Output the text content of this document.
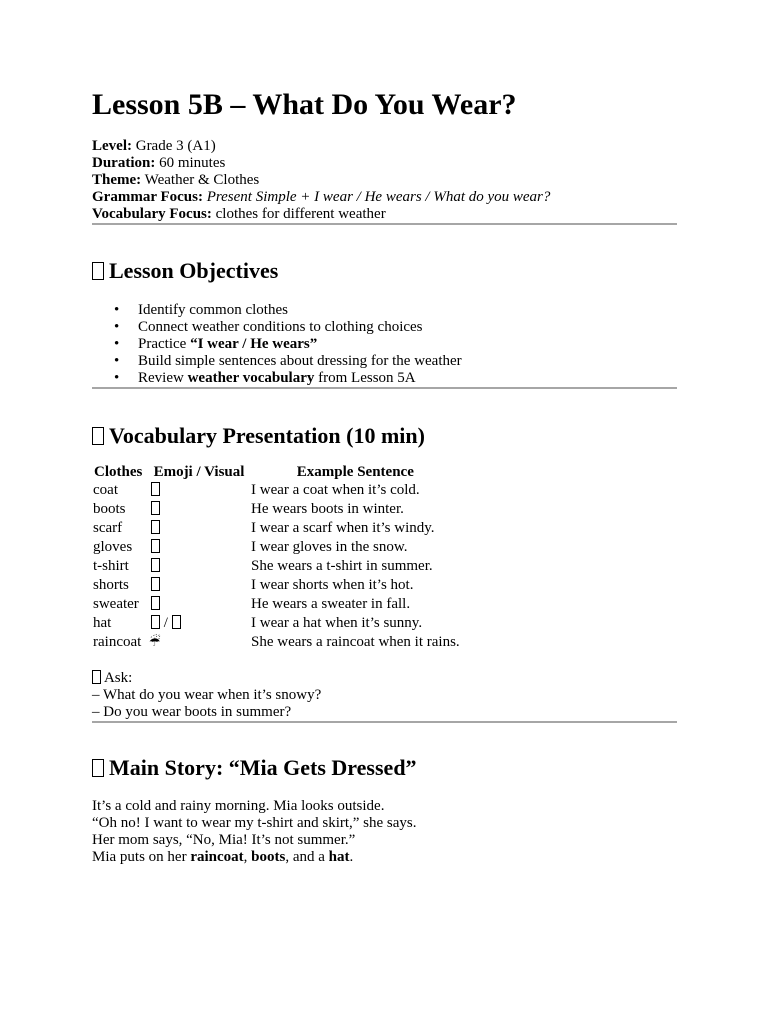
Lesson 5B – What Do You Wear?
Level: Grade 3 (A1)
Duration: 60 minutes
Theme: Weather & Clothes
Grammar Focus: Present Simple + I wear / He wears / What do you wear?
Vocabulary Focus: clothes for different weather
Lesson Objectives
• Identify common clothes
• Connect weather conditions to clothing choices
• Practice “I wear / He wears”
• Build simple sentences about dressing for the weather
• Review weather vocabulary from Lesson 5A
Vocabulary Presentation (10 min)
Clothes	Emoji / Visual	Example Sentence
coat		I wear a coat when it’s cold.
boots		He wears boots in winter.
scarf		I wear a scarf when it’s windy.
gloves		I wear gloves in the snow.
t-shirt		She wears a t-shirt in summer.
shorts		I wear shorts when it’s hot.
sweater		He wears a sweater in fall.
hat	/	I wear a hat when it’s sunny.
raincoat	☔	She wears a raincoat when it rains.
Ask:
– What do you wear when it’s snowy?
– Do you wear boots in summer?
Main Story: “Mia Gets Dressed”
It’s a cold and rainy morning. Mia looks outside.
“Oh no! I want to wear my t-shirt and skirt,” she says.
Her mom says, “No, Mia! It’s not summer.”
Mia puts on her raincoat, boots, and a hat.
